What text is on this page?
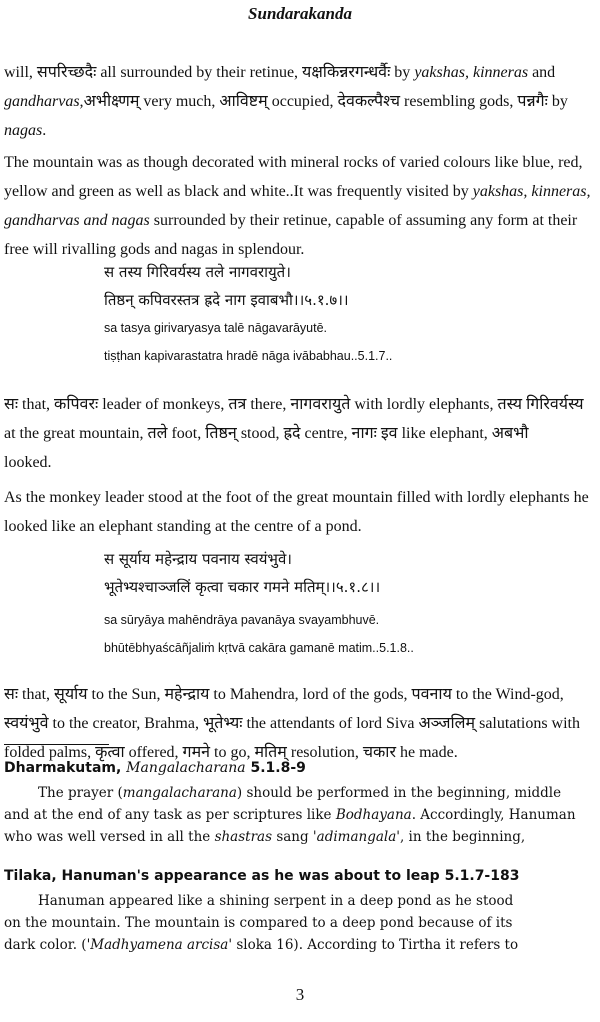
Sundarakanda

will, सपरिच्छदैः all surrounded by their retinue, यक्षकिन्नरगन्धर्वैः by yakshas, kinneras and

gandharvas,अभीक्ष्णम् very much, आविष्टम् occupied, देवकल्पैश्च resembling gods, पन्नगैः by

nagas.

The mountain was as though decorated with mineral rocks of varied colours like blue, red,

yellow and green as well as black and white..It was frequently visited by yakshas, kinneras,

gandharvas and nagas surrounded by their retinue, capable of assuming any form at their

free will rivalling gods and nagas in splendour.

स तस्य गिरिवर्यस्य तले नागवरायुते।

तिष्ठन् कपिवरस्तत्र ह्रदे नाग इवाबभौ।।५.१.७।।

sa tasya girivaryasya talē nāgavarāyutē.

tiṣṭhan kapivarastatra hradē nāga ivābabhau..5.1.7..

सः that, कपिवरः leader of monkeys, तत्र there, नागवरायुते with lordly elephants, तस्य गिरिवर्यस्य

at the great mountain, तले foot, तिष्ठन् stood, ह्रदे centre, नागः इव like elephant, अबभौ

looked.

As the monkey leader stood at the foot of the great mountain filled with lordly elephants he

looked like an elephant standing at the centre of a pond.

स सूर्याय महेन्द्राय पवनाय स्वयंभुवे।

भूतेभ्यश्चाञ्जलिं कृत्वा चकार गमने मतिम्।।५.१.८।।

sa sūryāya mahēndrāya pavanāya svayambhuvē.

bhūtēbhyaścāñjaliṁ kṛtvā cakāra gamanē matim..5.1.8..

सः that, सूर्याय to the Sun, महेन्द्राय to Mahendra, lord of the gods, पवनाय to the Wind-god,

स्वयंभुवे to the creator, Brahma, भूतेभ्यः the attendants of lord Siva अञ्जलिम् salutations with

folded palms, कृत्वा offered, गमने to go, मतिम् resolution, चकार he made.

Dharmakutam, Mangalacharana 5.1.8-9

The prayer (mangalacharana) should be performed in the beginning, middle

and at the end of any task as per scriptures like Bodhayana. Accordingly, Hanuman

who was well versed in all the shastras sang 'adimangala', in the beginning,

Tilaka, Hanuman's appearance as he was about to leap 5.1.7-183

Hanuman appeared like a shining serpent in a deep pond as he stood

on the mountain. The mountain is compared to a deep pond because of its

dark color. ('Madhyamena arcisa' sloka 16). According to Tirtha it refers to

3
